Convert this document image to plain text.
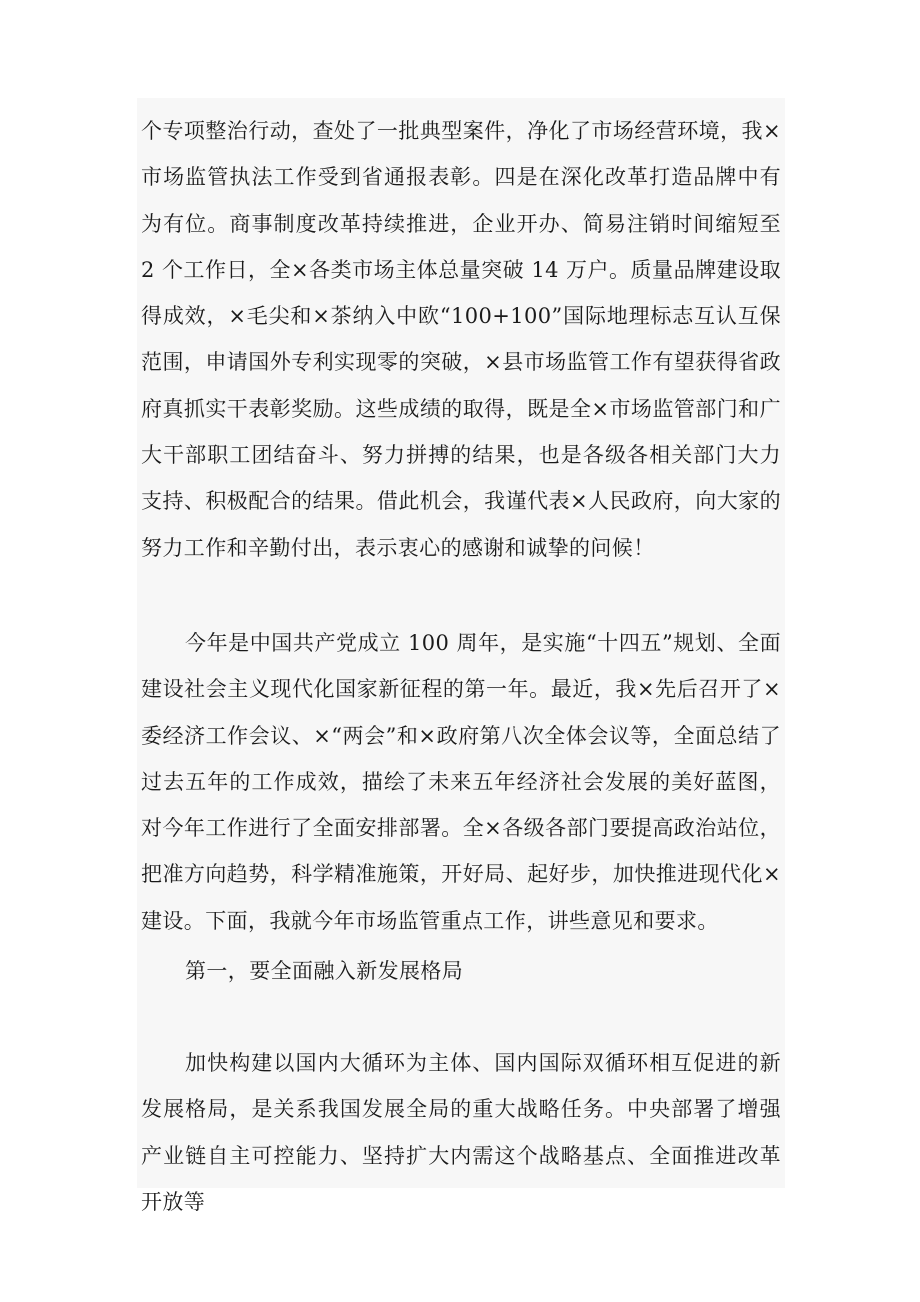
个专项整治行动，查处了一批典型案件，净化了市场经营环境，我×市场监管执法工作受到省通报表彰。四是在深化改革打造品牌中有为有位。商事制度改革持续推进，企业开办、简易注销时间缩短至 2 个工作日，全×各类市场主体总量突破 14 万户。质量品牌建设取得成效，×毛尖和×茶纳入中欧“100+100”国际地理标志互认互保范围，申请国外专利实现零的突破，×县市场监管工作有望获得省政府真抓实干表彰奖励。这些成绩的取得，既是全×市场监管部门和广大干部职工团结奋斗、努力拼搏的结果，也是各级各相关部门大力支持、积极配合的结果。借此机会，我谨代表×人民政府，向大家的努力工作和辛勤付出，表示衷心的感谢和诚挚的问候！

今年是中国共产党成立 100 周年，是实施“十四五”规划、全面建设社会主义现代化国家新征程的第一年。最近，我×先后召开了×委经济工作会议、×“两会”和×政府第八次全体会议等，全面总结了过去五年的工作成效，描绘了未来五年经济社会发展的美好蓝图，对今年工作进行了全面安排部署。全×各级各部门要提高政治站位，把准方向趋势，科学精准施策，开好局、起好步，加快推进现代化×建设。下面，我就今年市场监管重点工作，讲些意见和要求。

第一，要全面融入新发展格局

加快构建以国内大循环为主体、国内国际双循环相互促进的新发展格局，是关系我国发展全局的重大战略任务。中央部署了增强产业链自主可控能力、坚持扩大内需这个战略基点、全面推进改革开放等
